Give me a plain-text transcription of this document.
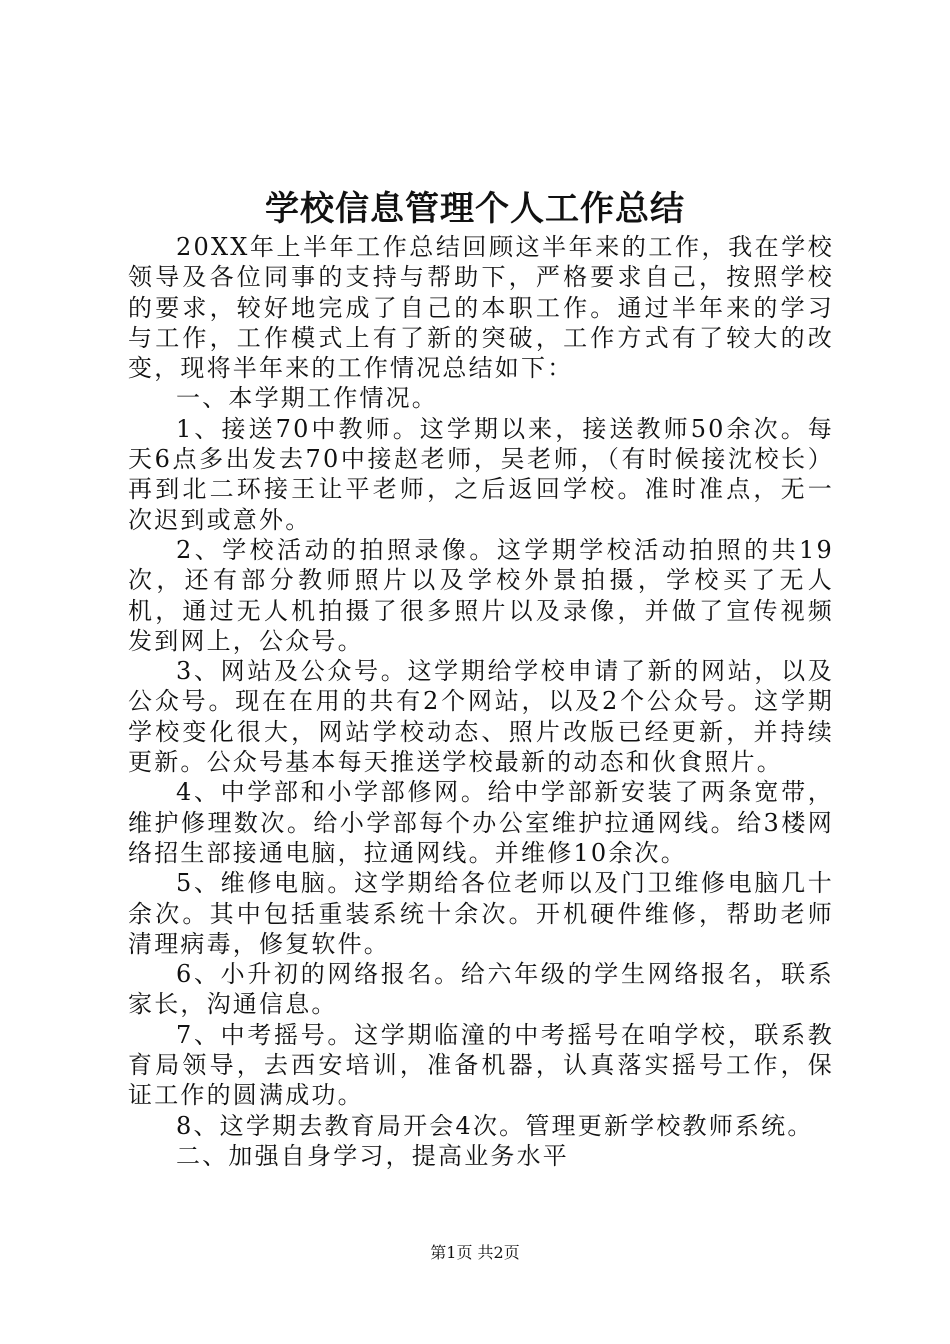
学校信息管理个人工作总结

20XX年上半年工作总结回顾这半年来的工作，我在学校领导及各位同事的支持与帮助下，严格要求自己，按照学校的要求，较好地完成了自己的本职工作。通过半年来的学习与工作，工作模式上有了新的突破，工作方式有了较大的改变，现将半年来的工作情况总结如下：

一、本学期工作情况。

1、接送70中教师。这学期以来，接送教师50余次。每天6点多出发去70中接赵老师，吴老师，（有时候接沈校长）再到北二环接王让平老师，之后返回学校。准时准点，无一次迟到或意外。

2、学校活动的拍照录像。这学期学校活动拍照的共19次，还有部分教师照片以及学校外景拍摄，学校买了无人机，通过无人机拍摄了很多照片以及录像，并做了宣传视频发到网上，公众号。

3、网站及公众号。这学期给学校申请了新的网站，以及公众号。现在在用的共有2个网站，以及2个公众号。这学期学校变化很大，网站学校动态、照片改版已经更新，并持续更新。公众号基本每天推送学校最新的动态和伙食照片。

4、中学部和小学部修网。给中学部新安装了两条宽带，维护修理数次。给小学部每个办公室维护拉通网线。给3楼网络招生部接通电脑，拉通网线。并维修10余次。

5、维修电脑。这学期给各位老师以及门卫维修电脑几十余次。其中包括重装系统十余次。开机硬件维修，帮助老师清理病毒，修复软件。

6、小升初的网络报名。给六年级的学生网络报名，联系家长，沟通信息。

7、中考摇号。这学期临潼的中考摇号在咱学校，联系教育局领导，去西安培训，准备机器，认真落实摇号工作，保证工作的圆满成功。

8、这学期去教育局开会4次。管理更新学校教师系统。

二、加强自身学习，提高业务水平

第1页 共2页
